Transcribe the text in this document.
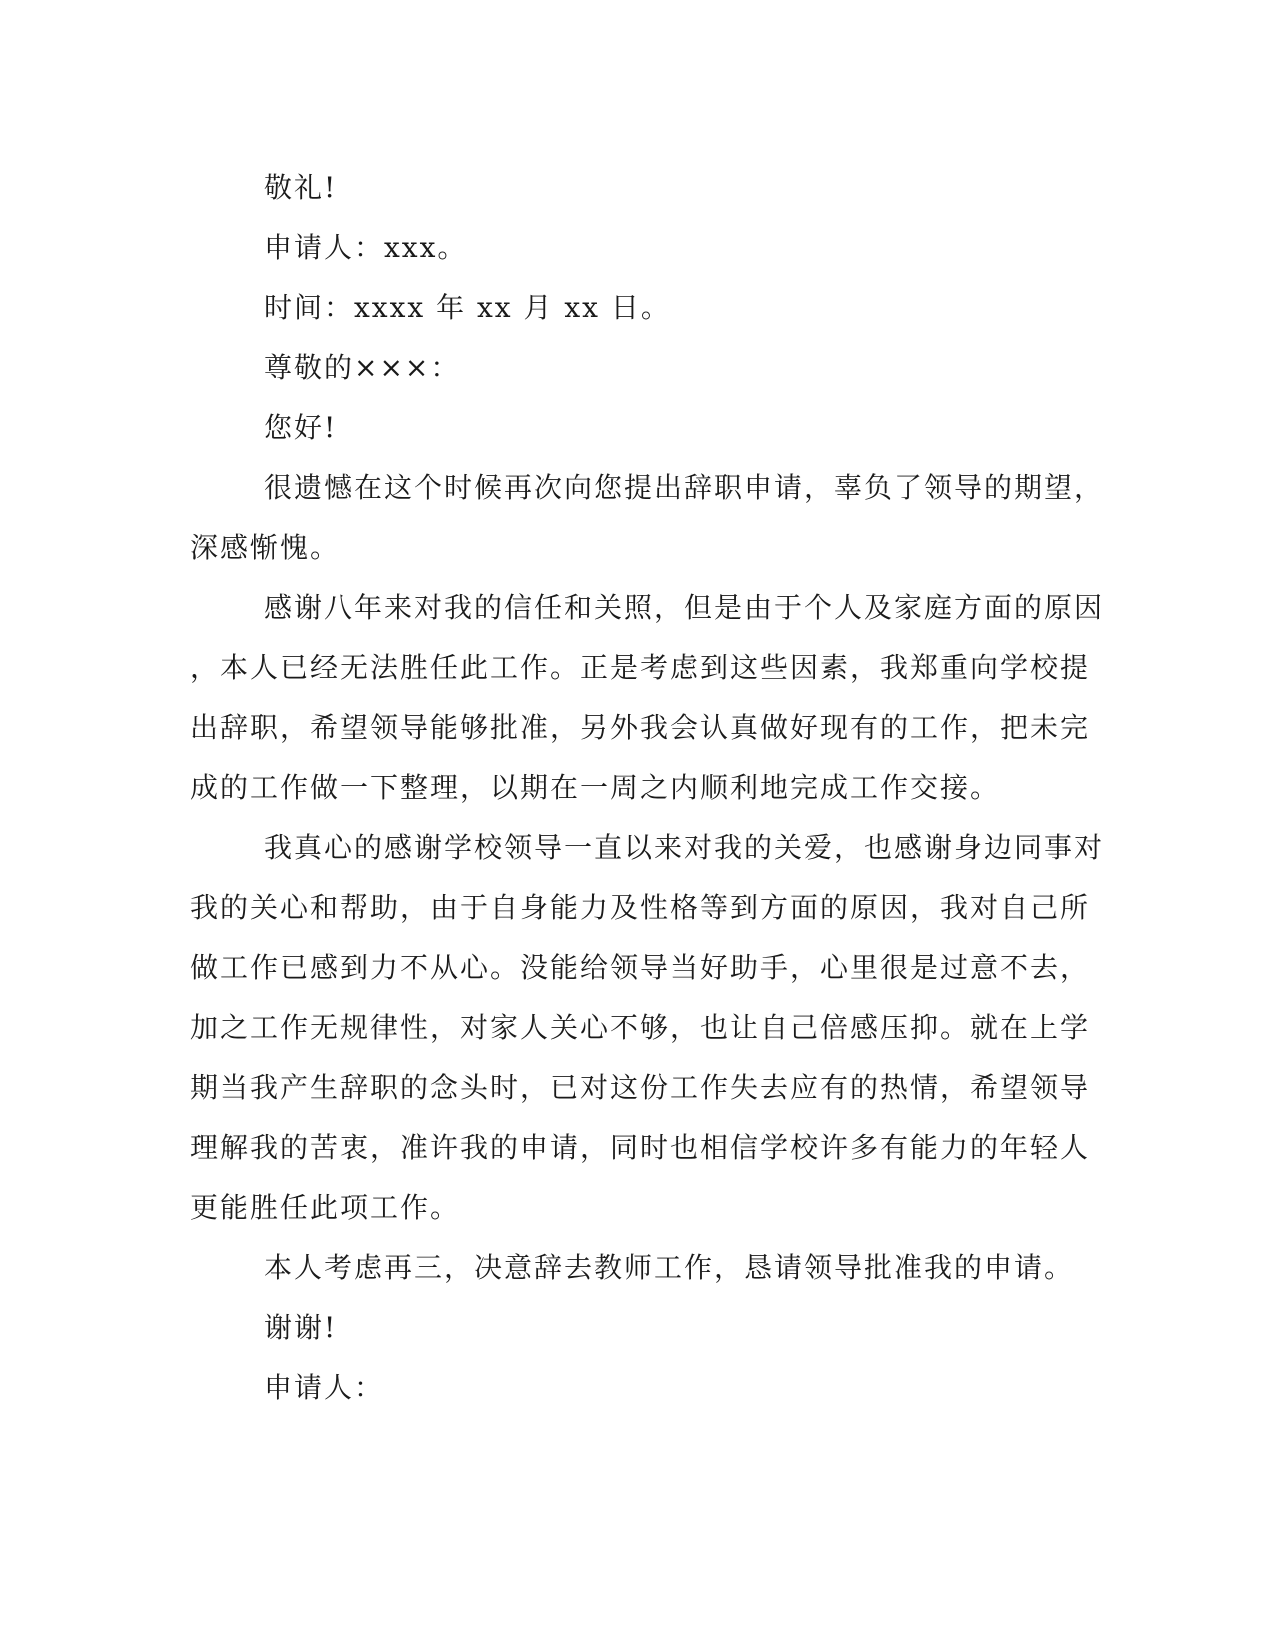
敬礼!
申请人：xxx。
时间：xxxx 年 xx 月 xx 日。
尊敬的×××：
您好!
很遗憾在这个时候再次向您提出辞职申请，辜负了领导的期望，
深感惭愧。
感谢八年来对我的信任和关照，但是由于个人及家庭方面的原因
，本人已经无法胜任此工作。正是考虑到这些因素，我郑重向学校提
出辞职，希望领导能够批准，另外我会认真做好现有的工作，把未完
成的工作做一下整理，以期在一周之内顺利地完成工作交接。
我真心的感谢学校领导一直以来对我的关爱，也感谢身边同事对
我的关心和帮助，由于自身能力及性格等到方面的原因，我对自己所
做工作已感到力不从心。没能给领导当好助手，心里很是过意不去，
加之工作无规律性，对家人关心不够，也让自己倍感压抑。就在上学
期当我产生辞职的念头时，已对这份工作失去应有的热情，希望领导
理解我的苦衷，准许我的申请，同时也相信学校许多有能力的年轻人
更能胜任此项工作。
本人考虑再三，决意辞去教师工作，恳请领导批准我的申请。
谢谢!
申请人：
